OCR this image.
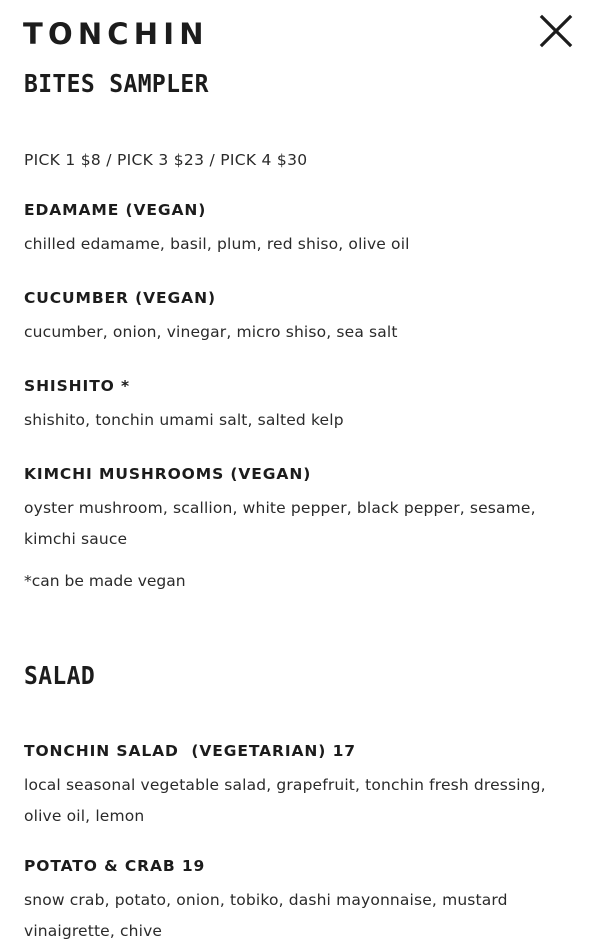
TONCHIN
BITES SAMPLER
PICK 1 $8 / PICK 3 $23 / PICK 4 $30
EDAMAME (VEGAN)
chilled edamame, basil, plum, red shiso, olive oil
CUCUMBER (VEGAN)
cucumber, onion, vinegar, micro shiso, sea salt
SHISHITO *
shishito, tonchin umami salt, salted kelp
KIMCHI MUSHROOMS (VEGAN)
oyster mushroom, scallion, white pepper, black pepper, sesame, kimchi sauce
*can be made vegan
SALAD
TONCHIN SALAD  (VEGETARIAN) 17
local seasonal vegetable salad, grapefruit, tonchin fresh dressing, olive oil, lemon
POTATO & CRAB 19
snow crab, potato, onion, tobiko, dashi mayonnaise, mustard vinaigrette, chive
